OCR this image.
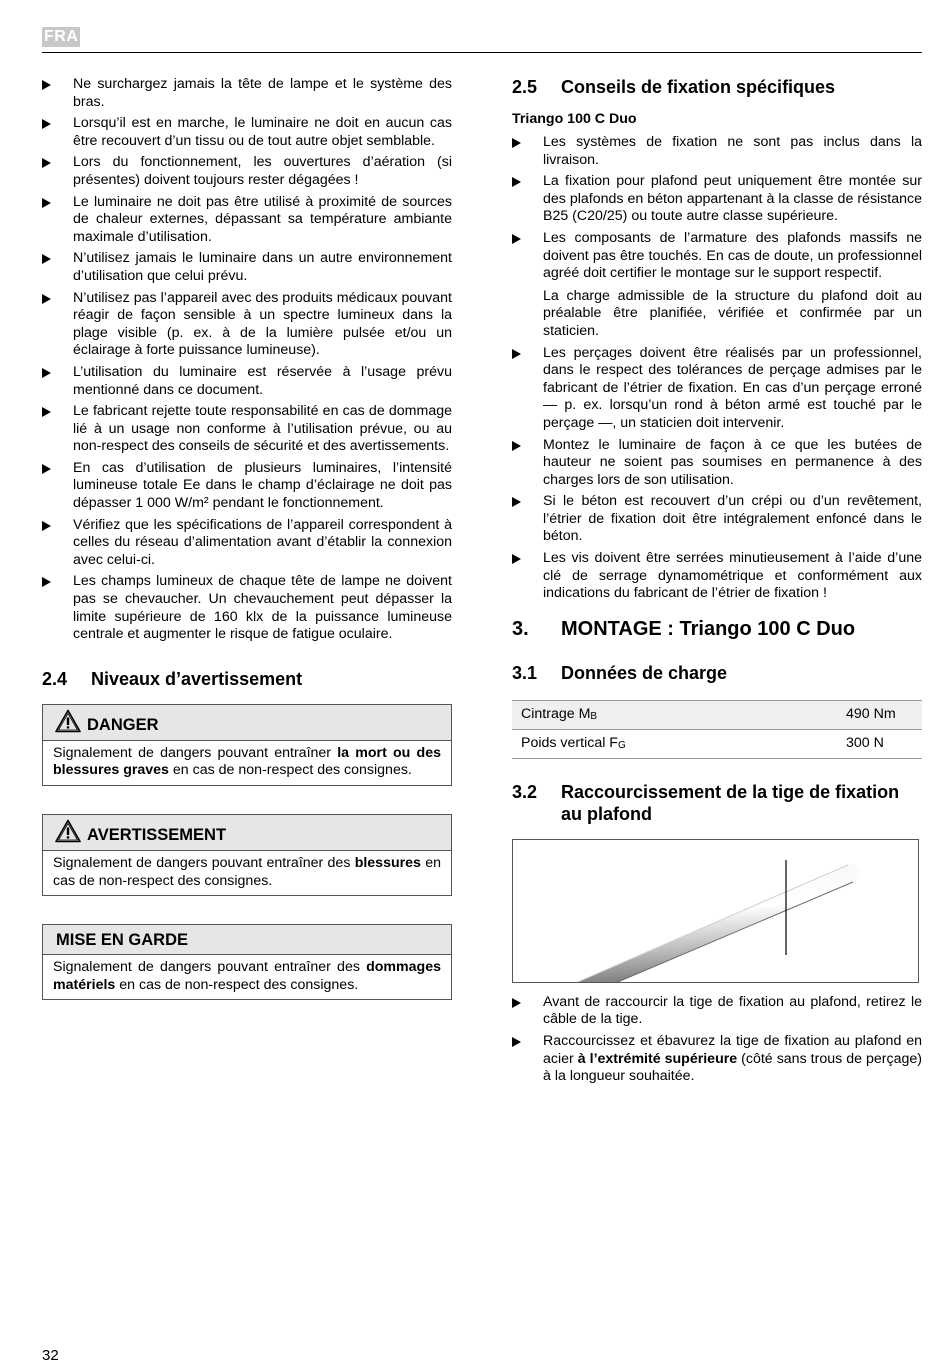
FRA
Ne surchargez jamais la tête de lampe et le système des bras.
Lorsqu’il est en marche, le luminaire ne doit en aucun cas être recouvert d’un tissu ou de tout autre objet semblable.
Lors du fonctionnement, les ouvertures d’aération (si présentes) doivent toujours rester dégagées !
Le luminaire ne doit pas être utilisé à proximité de sources de chaleur externes, dépassant sa température ambiante maximale d’utilisation.
N’utilisez jamais le luminaire dans un autre environnement d’utilisation que celui prévu.
N’utilisez pas l’appareil avec des produits médicaux pouvant réagir de façon sensible à un spectre lumineux dans la plage visible (p. ex. à de la lumière pulsée et/ou un éclairage à forte puissance lumineuse).
L’utilisation du luminaire est réservée à l’usage prévu mentionné dans ce document.
Le fabricant rejette toute responsabilité en cas de dommage lié à un usage non conforme à l’utilisation prévue, ou au non-respect des conseils de sécurité et des avertissements.
En cas d’utilisation de plusieurs luminaires, l’intensité lumineuse totale Ee dans le champ d’éclairage ne doit pas dépasser 1 000 W/m² pendant le fonctionnement.
Vérifiez que les spécifications de l’appareil correspondent à celles du réseau d’alimentation avant d’établir la connexion avec celui-ci.
Les champs lumineux de chaque tête de lampe ne doivent pas se chevaucher. Un chevauchement peut dépasser la limite supérieure de 160 klx de la puissance lumineuse centrale et augmenter le risque de fatigue oculaire.
2.4	Niveaux d’avertissement
DANGER
Signalement de dangers pouvant entraîner la mort ou des blessures graves en cas de non-respect des consignes.
AVERTISSEMENT
Signalement de dangers pouvant entraîner des blessures en cas de non-respect des consignes.
MISE EN GARDE
Signalement de dangers pouvant entraîner des dommages matériels en cas de non-respect des consignes.
2.5	Conseils de fixation spécifiques
Triango 100 C Duo
Les systèmes de fixation ne sont pas inclus dans la livraison.
La fixation pour plafond peut uniquement être montée sur des plafonds en béton appartenant à la classe de résistance B25 (C20/25) ou toute autre classe supérieure.
Les composants de l’armature des plafonds massifs ne doivent pas être touchés. En cas de doute, un professionnel agréé doit certifier le montage sur le support respectif.
La charge admissible de la structure du plafond doit au préalable être planifiée, vérifiée et confirmée par un staticien.
Les perçages doivent être réalisés par un professionnel, dans le respect des tolérances de perçage admises par le fabricant de l’étrier de fixation. En cas d’un perçage erroné — p. ex. lorsqu’un rond à béton armé est touché par le perçage —, un staticien doit intervenir.
Montez le luminaire de façon à ce que les butées de hauteur ne soient pas soumises en permanence à des charges lors de son utilisation.
Si le béton est recouvert d’un crépi ou d’un revêtement, l’étrier de fixation doit être intégralement enfoncé dans le béton.
Les vis doivent être serrées minutieusement à l’aide d’une clé de serrage dynamométrique et conformément aux indications du fabricant de l’étrier de fixation !
3.	MONTAGE : Triango 100 C Duo
3.1	Données de charge
Cintrage $M_B$	490 Nm
Poids vertical $F_G$	300 N
3.2	Raccourcissement de la tige de fixation au plafond
Avant de raccourcir la tige de fixation au plafond, retirez le câble de la tige.
Raccourcissez et ébavurez la tige de fixation au plafond en acier à l’extrémité supérieure (côté sans trous de perçage) à la longueur souhaitée.
32
